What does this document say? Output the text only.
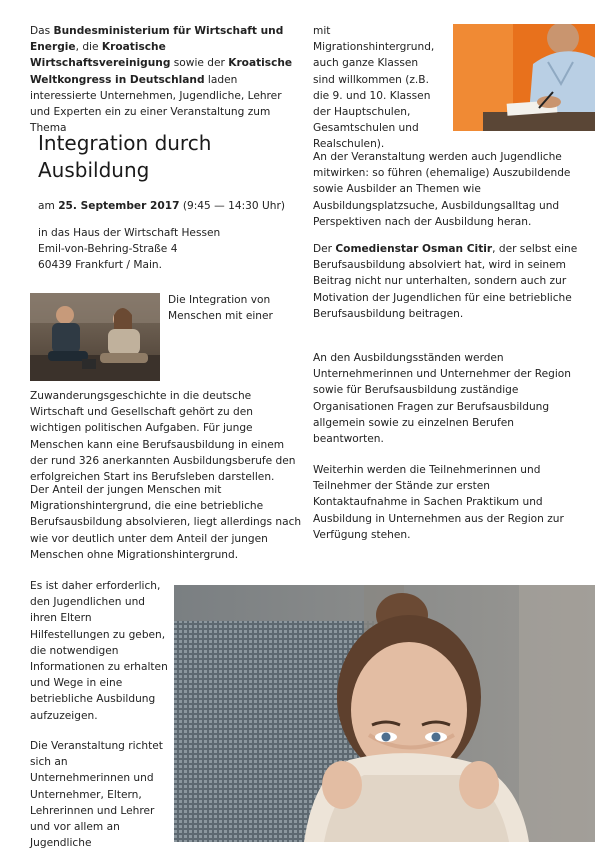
Das Bundesministerium für Wirtschaft und Energie, die Kroatische Wirtschaftsvereinigung sowie der Kroatische Weltkongress in Deutschland laden interessierte Unternehmen, Jugendliche, Lehrer und Experten ein zu einer Veranstaltung zum Thema

Integration durch
Ausbildung
am 25. September 2017 (9:45 — 14:30 Uhr)
in das Haus der Wirtschaft Hessen
Emil-von-Behring-Straße 4
60439 Frankfurt / Main.

Die Integration von Menschen mit einer Zuwanderungsgeschichte in die deutsche Wirtschaft und Gesellschaft gehört zu den wichtigen politischen Aufgaben. Für junge Menschen kann eine Berufsausbildung in einem der rund 326 anerkannten Ausbildungsberufe den erfolgreichen Start ins Berufsleben darstellen.

Der Anteil der jungen Menschen mit Migrationshintergrund, die eine betriebliche Berufsausbildung absolvieren, liegt allerdings nach wie vor deutlich unter dem Anteil der jungen Menschen ohne Migrationshintergrund.

Es ist daher erforderlich, den Jugendlichen und ihren Eltern Hilfestellungen zu geben, die notwendigen Informationen zu erhalten und Wege in eine betriebliche Ausbildung aufzuzeigen.

Die Veranstaltung richtet sich an Unternehmerinnen und Unternehmer, Eltern, Lehrerinnen und Lehrer und vor allem an Jugendliche

mit Migrationshintergrund, auch ganze Klassen sind willkommen (z.B. die 9. und 10. Klassen der Hauptschulen, Gesamtschulen und Realschulen).

An der Veranstaltung werden auch Jugendliche mitwirken: so führen (ehemalige) Auszubildende sowie Ausbilder an Themen wie Ausbildungsplatzsuche, Ausbildungsalltag und Perspektiven nach der Ausbildung heran.

Der Comedienstar Osman Citir, der selbst eine Berufsausbildung absolviert hat, wird in seinem Beitrag nicht nur unterhalten, sondern auch zur Motivation der Jugendlichen für eine betriebliche Berufsausbildung beitragen.

An den Ausbildungsständen werden Unternehmerinnen und Unternehmer der Region sowie für Berufsausbildung zuständige Organisationen Fragen zur Berufsausbildung allgemein sowie zu einzelnen Berufen beantworten.

Weiterhin werden die Teilnehmerinnen und Teilnehmer der Stände zur ersten Kontaktaufnahme in Sachen Praktikum und Ausbildung in Unternehmen aus der Region zur Verfügung stehen.
